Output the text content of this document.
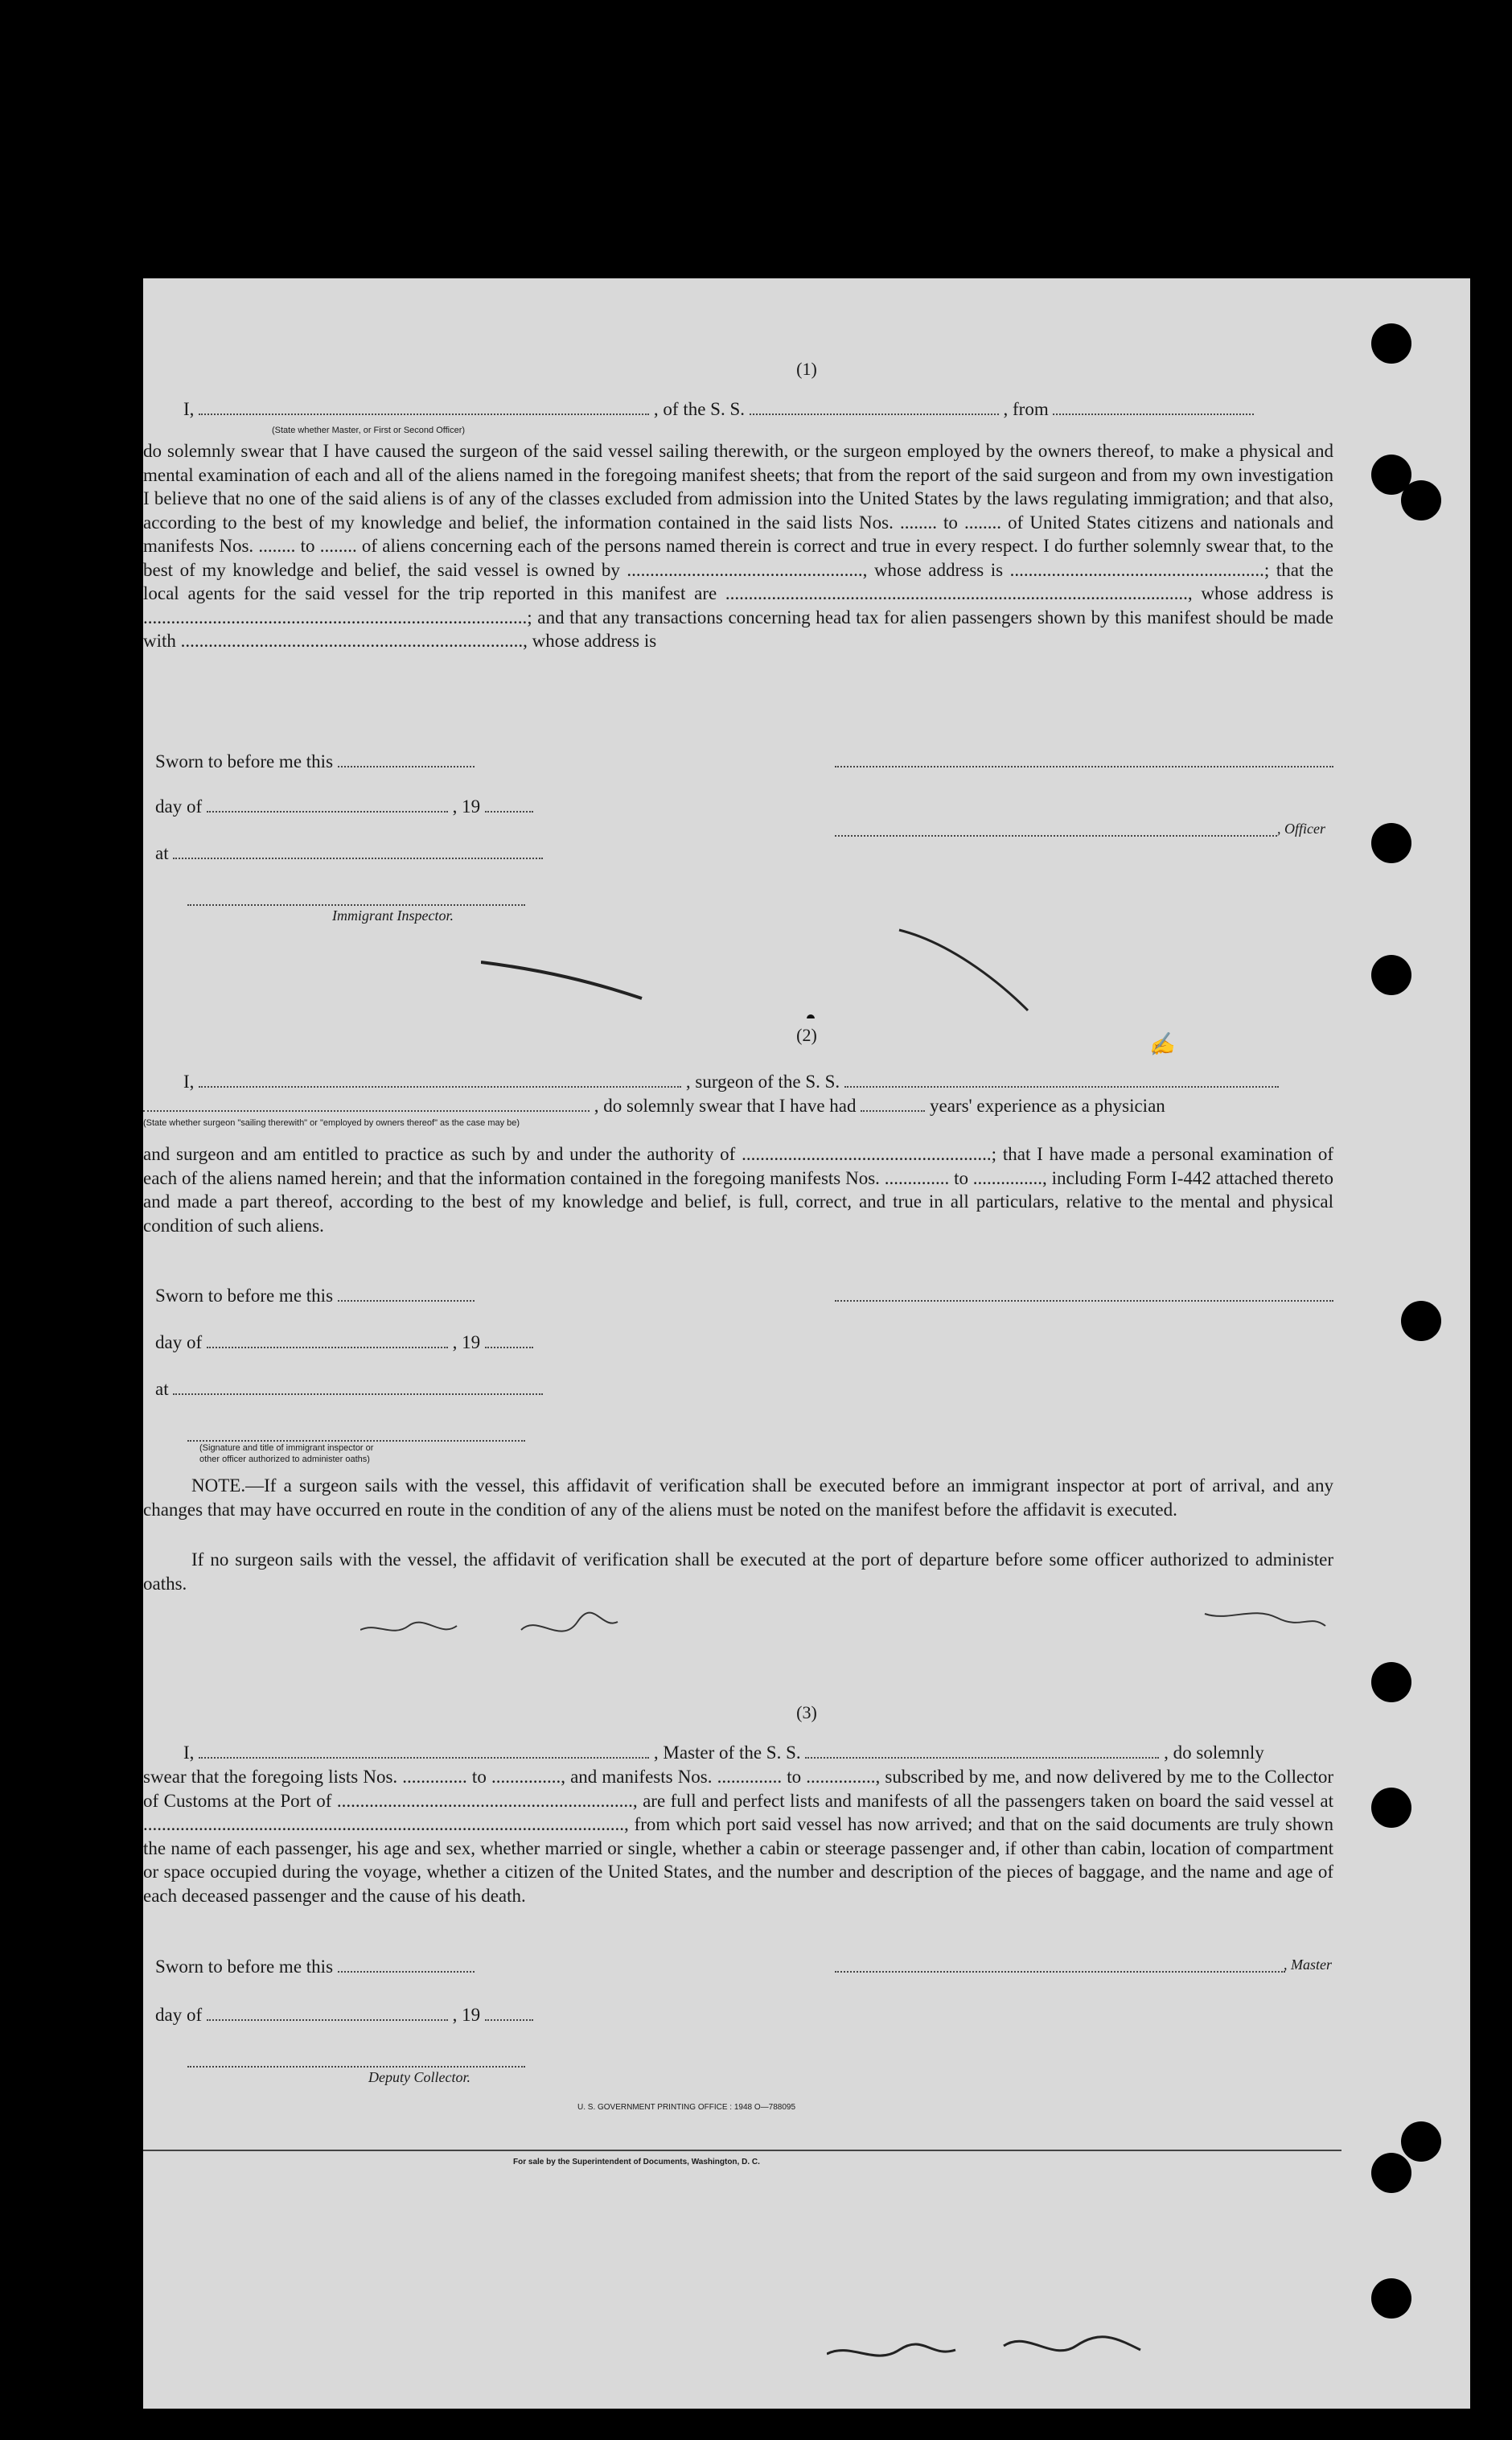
(1)
I,	, of the S. S.	, from
(State whether Master, or First or Second Officer)
do solemnly swear that I have caused the surgeon of the said vessel sailing therewith, or the surgeon employed by the owners thereof, to make a physical and mental examination of each and all of the aliens named in the foregoing manifest sheets; that from the report of the said surgeon and from my own investigation I believe that no one of the said aliens is of any of the classes excluded from admission into the United States by the laws regulating immigration; and that also, according to the best of my knowledge and belief, the information contained in the said lists Nos. ........ to ........ of United States citizens and nationals and manifests Nos. ........ to ........ of aliens concerning each of the persons named therein is correct and true in every respect. I do further solemnly swear that, to the best of my knowledge and belief, the said vessel is owned by ..................................................., whose address is .......................................................; that the local agents for the said vessel for the trip reported in this manifest are ...................................................................................................., whose address is ...................................................................................; and that any transactions concerning head tax for alien passengers shown by this manifest should be made with .........................................................................., whose address is
Sworn to before me this
day of	, 19
, Officer
at
Immigrant Inspector.
✍
(2)
I,	, surgeon of the S. S.
, do solemnly swear that I have had	years' experience as a physician
(State whether surgeon "sailing therewith" or "employed by owners thereof" as the case may be)
and surgeon and am entitled to practice as such by and under the authority of ......................................................; that I have made a personal examination of each of the aliens named herein; and that the information contained in the foregoing manifests Nos. .............. to ..............., including Form I-442 attached thereto and made a part thereof, according to the best of my knowledge and belief, is full, correct, and true in all particulars, relative to the mental and physical condition of such aliens.
Sworn to before me this
day of	, 19
at
(Signature and title of immigrant inspector or
other officer authorized to administer oaths)
NOTE.—If a surgeon sails with the vessel, this affidavit of verification shall be executed before an immigrant inspector at port of arrival, and any changes that may have occurred en route in the condition of any of the aliens must be noted on the manifest before the affidavit is executed.
If no surgeon sails with the vessel, the affidavit of verification shall be executed at the port of departure before some officer authorized to administer oaths.
(3)
I,	, Master of the S. S.	, do solemnly
swear that the foregoing lists Nos. .............. to ..............., and manifests Nos. .............. to ..............., subscribed by me, and now delivered by me to the Collector of Customs at the Port of ................................................................, are full and perfect lists and manifests of all the passengers taken on board the said vessel at ........................................................................................................, from which port said vessel has now arrived; and that on the said documents are truly shown the name of each passenger, his age and sex, whether married or single, whether a cabin or steerage passenger and, if other than cabin, location of compartment or space occupied during the voyage, whether a citizen of the United States, and the number and description of the pieces of baggage, and the name and age of each deceased passenger and the cause of his death.
Sworn to before me this	, Master
day of	, 19
Deputy Collector.
U. S. GOVERNMENT PRINTING OFFICE : 1948 O—788095
For sale by the Superintendent of Documents, Washington, D. C.
